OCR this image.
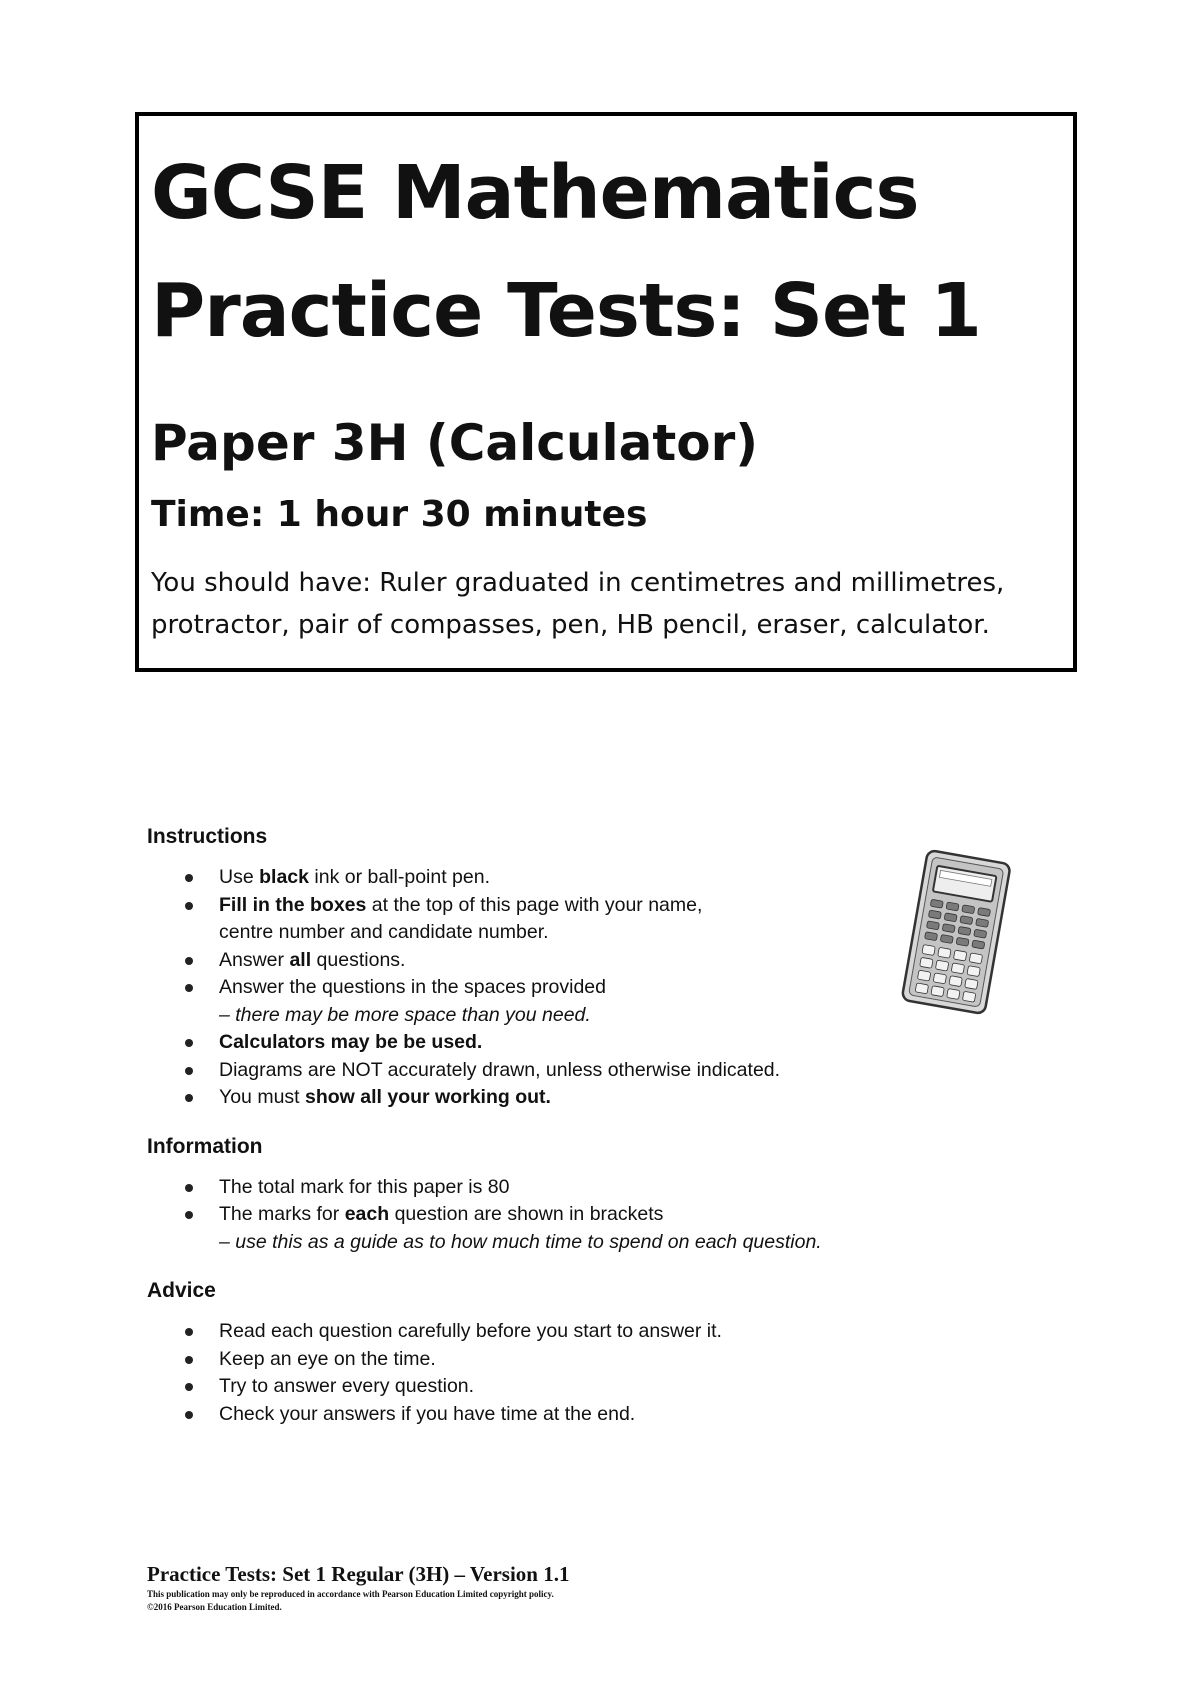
GCSE Mathematics
Practice Tests: Set 1
Paper 3H (Calculator)
Time: 1 hour 30 minutes
You should have: Ruler graduated in centimetres and millimetres,
protractor, pair of compasses, pen, HB pencil, eraser, calculator.
Instructions
Use black ink or ball-point pen.
Fill in the boxes at the top of this page with your name,
centre number and candidate number.
Answer all questions.
Answer the questions in the spaces provided
– there may be more space than you need.
Calculators may be be used.
Diagrams are NOT accurately drawn, unless otherwise indicated.
You must show all your working out.
Information
The total mark for this paper is 80
The marks for each question are shown in brackets
– use this as a guide as to how much time to spend on each question.
Advice
Read each question carefully before you start to answer it.
Keep an eye on the time.
Try to answer every question.
Check your answers if you have time at the end.
Practice Tests: Set 1 Regular (3H) – Version 1.1
This publication may only be reproduced in accordance with Pearson Education Limited copyright policy.
©2016 Pearson Education Limited.
